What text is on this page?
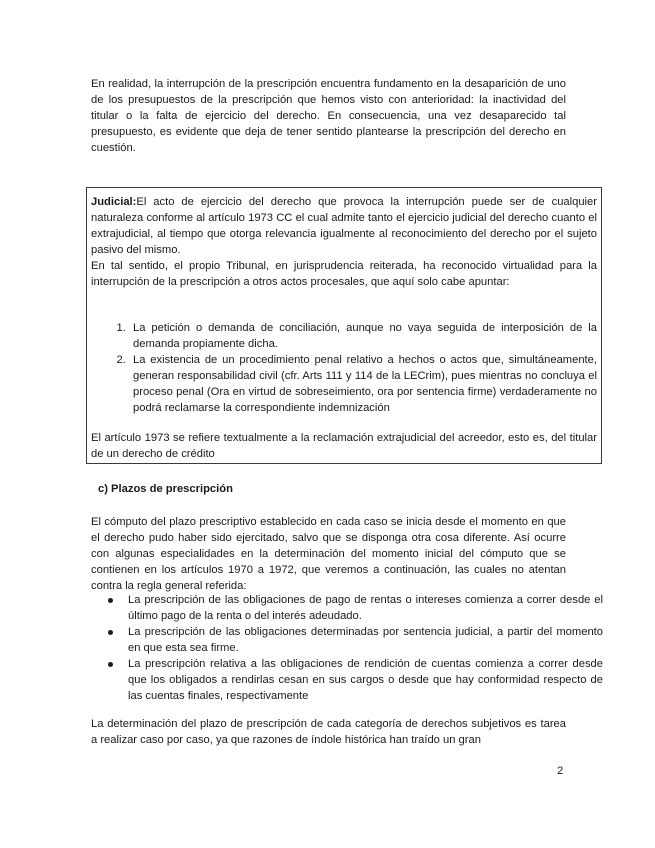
En realidad, la interrupción de la prescripción encuentra fundamento en la desaparición de uno de los presupuestos de la prescripción que hemos visto con anterioridad: la inactividad del titular o la falta de ejercicio del derecho. En consecuencia, una vez desaparecido tal presupuesto, es evidente que deja de tener sentido plantearse la prescripción del derecho en cuestión.

Judicial:El acto de ejercicio del derecho que provoca la interrupción puede ser de cualquier naturaleza conforme al artículo 1973 CC el cual admite tanto el ejercicio judicial del derecho cuanto el extrajudicial, al tiempo que otorga relevancia igualmente al reconocimiento del derecho por el sujeto pasivo del mismo.

En tal sentido, el propio Tribunal, en jurisprudencia reiterada, ha reconocido virtualidad para la interrupción de la prescripción a otros actos procesales, que aquí solo cabe apuntar:

1. La petición o demanda de conciliación, aunque no vaya seguida de interposición de la demanda propiamente dicha.
2. La existencia de un procedimiento penal relativo a hechos o actos que, simultáneamente, generan responsabilidad civil (cfr. Arts 111 y 114 de la LECrim), pues mientras no concluya el proceso penal (Ora en virtud de sobreseimiento, ora por sentencia firme) verdaderamente no podrá reclamarse la correspondiente indemnización

El artículo 1973 se refiere textualmente a la reclamación extrajudicial del acreedor, esto es, del titular de un derecho de crédito

c) Plazos de prescripción

El cómputo del plazo prescriptivo establecido en cada caso se inicia desde el momento en que el derecho pudo haber sido ejercitado, salvo que se disponga otra cosa diferente. Así ocurre con algunas especialidades en la determinación del momento inicial del cómputo que se contienen en los artículos 1970 a 1972, que veremos a continuación, las cuales no atentan contra la regla general referida:

La prescripción de las obligaciones de pago de rentas o intereses comienza a correr desde el último pago de la renta o del interés adeudado.
La prescripción de las obligaciones determinadas por sentencia judicial, a partir del momento en que esta sea firme.
La prescripción relativa a las obligaciones de rendición de cuentas comienza a correr desde que los obligados a rendirlas cesan en sus cargos o desde que hay conformidad respecto de las cuentas finales, respectivamente

La determinación del plazo de prescripción de cada categoría de derechos subjetivos es tarea a realizar caso por caso, ya que razones de índole histórica han traído un gran

2
